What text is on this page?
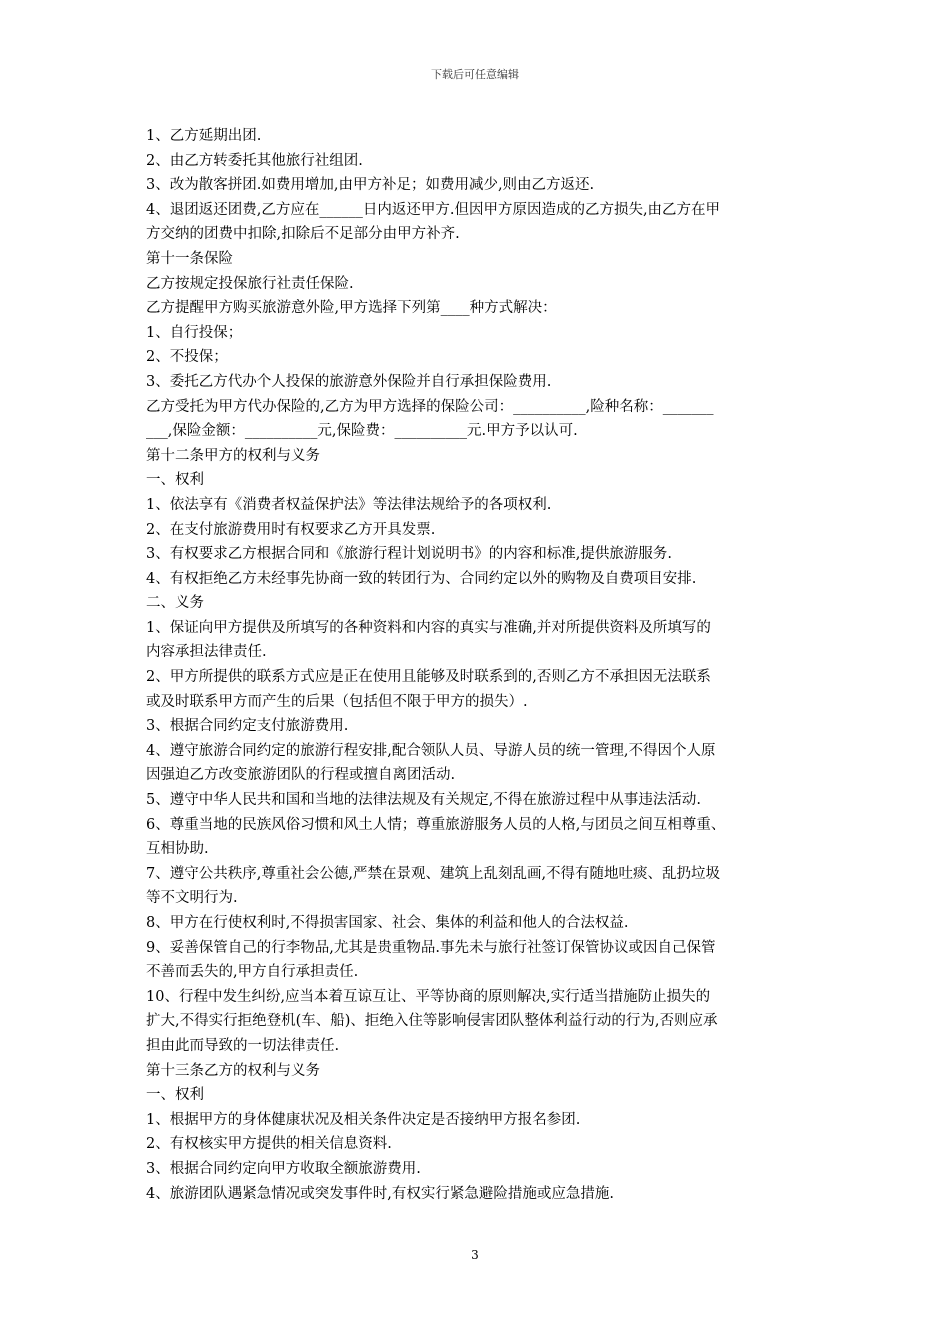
下载后可任意编辑
1、乙方延期出团.
2、由乙方转委托其他旅行社组团.
3、改为散客拼团.如费用增加,由甲方补足；如费用减少,则由乙方返还.
4、退团返还团费,乙方应在______日内返还甲方.但因甲方原因造成的乙方损失,由乙方在甲
方交纳的团费中扣除,扣除后不足部分由甲方补齐.
第十一条保险
乙方按规定投保旅行社责任保险.
乙方提醒甲方购买旅游意外险,甲方选择下列第____种方式解决：
1、自行投保；
2、不投保；
3、委托乙方代办个人投保的旅游意外保险并自行承担保险费用.
乙方受托为甲方代办保险的,乙方为甲方选择的保险公司：__________,险种名称：_______
___,保险金额：__________元,保险费：__________元.甲方予以认可.
第十二条甲方的权利与义务
一、权利
1、依法享有《消费者权益保护法》等法律法规给予的各项权利.
2、在支付旅游费用时有权要求乙方开具发票.
3、有权要求乙方根据合同和《旅游行程计划说明书》的内容和标准,提供旅游服务.
4、有权拒绝乙方未经事先协商一致的转团行为、合同约定以外的购物及自费项目安排.
二、义务
1、保证向甲方提供及所填写的各种资料和内容的真实与准确,并对所提供资料及所填写的
内容承担法律责任.
2、甲方所提供的联系方式应是正在使用且能够及时联系到的,否则乙方不承担因无法联系
或及时联系甲方而产生的后果（包括但不限于甲方的损失）.
3、根据合同约定支付旅游费用.
4、遵守旅游合同约定的旅游行程安排,配合领队人员、导游人员的统一管理,不得因个人原
因强迫乙方改变旅游团队的行程或擅自离团活动.
5、遵守中华人民共和国和当地的法律法规及有关规定,不得在旅游过程中从事违法活动.
6、尊重当地的民族风俗习惯和风土人情；尊重旅游服务人员的人格,与团员之间互相尊重、
互相协助.
7、遵守公共秩序,尊重社会公德,严禁在景观、建筑上乱刻乱画,不得有随地吐痰、乱扔垃圾
等不文明行为.
8、甲方在行使权利时,不得损害国家、社会、集体的利益和他人的合法权益.
9、妥善保管自己的行李物品,尤其是贵重物品.事先未与旅行社签订保管协议或因自己保管
不善而丢失的,甲方自行承担责任.
10、行程中发生纠纷,应当本着互谅互让、平等协商的原则解决,实行适当措施防止损失的
扩大,不得实行拒绝登机(车、船)、拒绝入住等影响侵害团队整体利益行动的行为,否则应承
担由此而导致的一切法律责任.
第十三条乙方的权利与义务
一、权利
1、根据甲方的身体健康状况及相关条件决定是否接纳甲方报名参团.
2、有权核实甲方提供的相关信息资料.
3、根据合同约定向甲方收取全额旅游费用.
4、旅游团队遇紧急情况或突发事件时,有权实行紧急避险措施或应急措施.
3
